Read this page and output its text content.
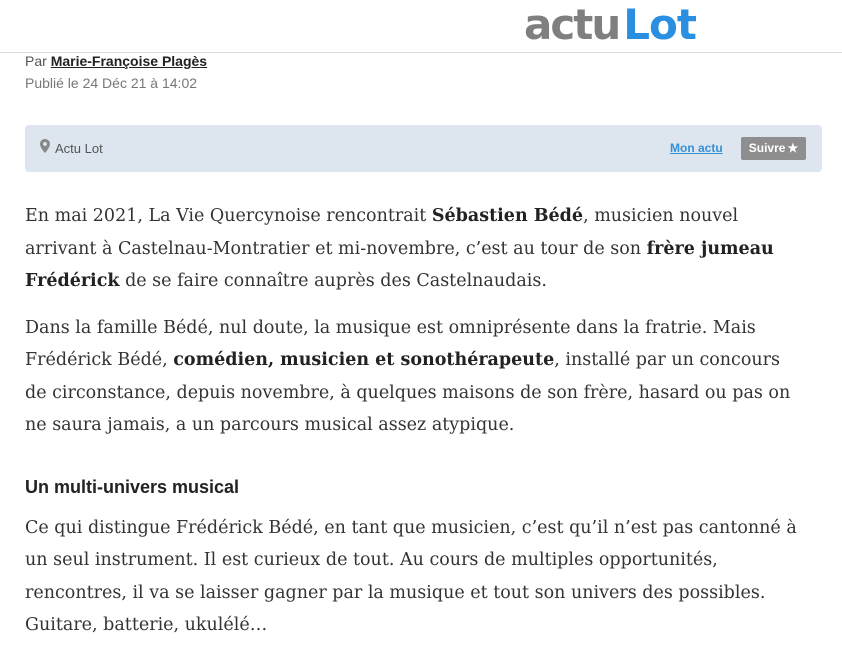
actuLot
Par Marie-Françoise Plagès
Publié le 24 Déc 21 à 14:02
Actu Lot	Mon actu	Suivre ★

En mai 2021, La Vie Quercynoise rencontrait Sébastien Bédé, musicien nouvel arrivant à Castelnau-Montratier et mi-novembre, c’est au tour de son frère jumeau Frédérick de se faire connaître auprès des Castelnaudais.

Dans la famille Bédé, nul doute, la musique est omniprésente dans la fratrie. Mais Frédérick Bédé, comédien, musicien et sonothérapeute, installé par un concours de circonstance, depuis novembre, à quelques maisons de son frère, hasard ou pas on ne saura jamais, a un parcours musical assez atypique.

Un multi-univers musical

Ce qui distingue Frédérick Bédé, en tant que musicien, c’est qu’il n’est pas cantonné à un seul instrument. Il est curieux de tout. Au cours de multiples opportunités, rencontres, il va se laisser gagner par la musique et tout son univers des possibles. Guitare, batterie, ukulélé…
